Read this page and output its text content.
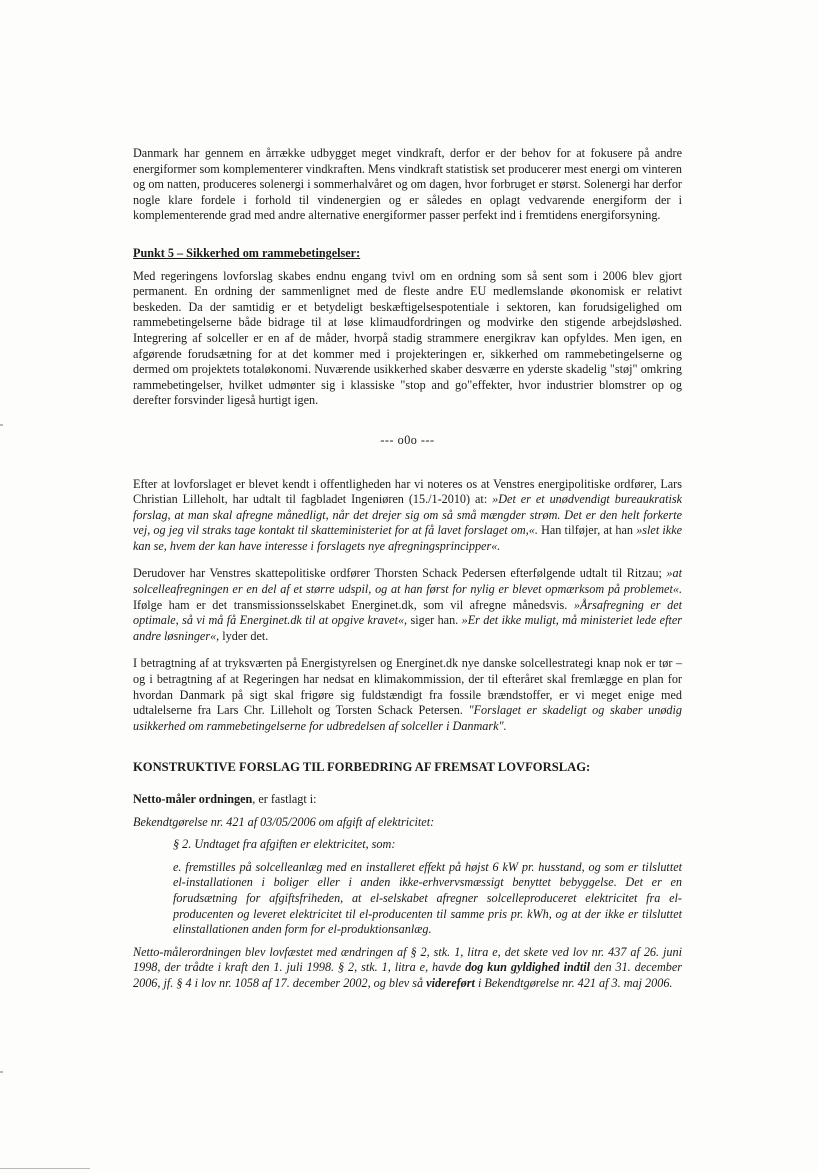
Danmark har gennem en årrække udbygget meget vindkraft, derfor er der behov for at fokusere på andre energiformer som komplementerer vindkraften. Mens vindkraft statistisk set producerer mest energi om vinteren og om natten, produceres solenergi i sommerhalvåret og om dagen, hvor forbruget er størst. Solenergi har derfor nogle klare fordele i forhold til vindenergien og er således en oplagt vedvarende energiform der i komplementerende grad med andre alternative energiformer passer perfekt ind i fremtidens energiforsyning.

Punkt 5 – Sikkerhed om rammebetingelser:

Med regeringens lovforslag skabes endnu engang tvivl om en ordning som så sent som i 2006 blev gjort permanent. En ordning der sammenlignet med de fleste andre EU medlemslande økonomisk er relativt beskeden. Da der samtidig er et betydeligt beskæftigelsespotentiale i sektoren, kan forudsigelighed om rammebetingelserne både bidrage til at løse klimaudfordringen og modvirke den stigende arbejdsløshed. Integrering af solceller er en af de måder, hvorpå stadig strammere energikrav kan opfyldes. Men igen, en afgørende forudsætning for at det kommer med i projekteringen er, sikkerhed om rammebetingelserne og dermed om projektets totaløkonomi. Nuværende usikkerhed skaber desværre en yderste skadelig "støj" omkring rammebetingelser, hvilket udmønter sig i klassiske "stop and go"effekter, hvor industrier blomstrer op og derefter forsvinder ligeså hurtigt igen.

--- o0o ---

Efter at lovforslaget er blevet kendt i offentligheden har vi noteres os at Venstres energipolitiske ordfører, Lars Christian Lilleholt, har udtalt til fagbladet Ingeniøren (15./1-2010) at: »Det er et unødvendigt bureaukratisk forslag, at man skal afregne månedligt, når det drejer sig om så små mængder strøm. Det er den helt forkerte vej, og jeg vil straks tage kontakt til skatteministeriet for at få lavet forslaget om,«. Han tilføjer, at han »slet ikke kan se, hvem der kan have interesse i forslagets nye afregningsprincipper«.

Derudover har Venstres skattepolitiske ordfører Thorsten Schack Pedersen efterfølgende udtalt til Ritzau; »at solcelleafregningen er en del af et større udspil, og at han først for nylig er blevet opmærksom på problemet«. Ifølge ham er det transmissionsselskabet Energinet.dk, som vil afregne månedsvis. »Årsafregning er det optimale, så vi må få Energinet.dk til at opgive kravet«, siger han. »Er det ikke muligt, må ministeriet lede efter andre løsninger«, lyder det.

I betragtning af at tryksværten på Energistyrelsen og Energinet.dk nye danske solcellestrategi knap nok er tør – og i betragtning af at Regeringen har nedsat en klimakommission, der til efteråret skal fremlægge en plan for hvordan Danmark på sigt skal frigøre sig fuldstændigt fra fossile brændstoffer, er vi meget enige med udtalelserne fra Lars Chr. Lilleholt og Torsten Schack Petersen. "Forslaget er skadeligt og skaber unødig usikkerhed om rammebetingelserne for udbredelsen af solceller i Danmark".

KONSTRUKTIVE FORSLAG TIL FORBEDRING AF FREMSAT LOVFORSLAG:

Netto-måler ordningen, er fastlagt i:

Bekendtgørelse nr. 421 af 03/05/2006 om afgift af elektricitet:

§ 2. Undtaget fra afgiften er elektricitet, som:

e. fremstilles på solcelleanlæg med en installeret effekt på højst 6 kW pr. husstand, og som er tilsluttet el-installationen i boliger eller i anden ikke-erhvervsmæssigt benyttet bebyggelse. Det er en forudsætning for afgiftsfriheden, at el-selskabet afregner solcelleproduceret elektricitet fra el-producenten og leveret elektricitet til el-producenten til samme pris pr. kWh, og at der ikke er tilsluttet elinstallationen anden form for el-produktionsanlæg.

Netto-målerordningen blev lovfæstet med ændringen af § 2, stk. 1, litra e, det skete ved lov nr. 437 af 26. juni 1998, der trådte i kraft den 1. juli 1998. § 2, stk. 1, litra e, havde dog kun gyldighed indtil den 31. december 2006, jf. § 4 i lov nr. 1058 af 17. december 2002, og blev så videreført i Bekendtgørelse nr. 421 af 3. maj 2006.
